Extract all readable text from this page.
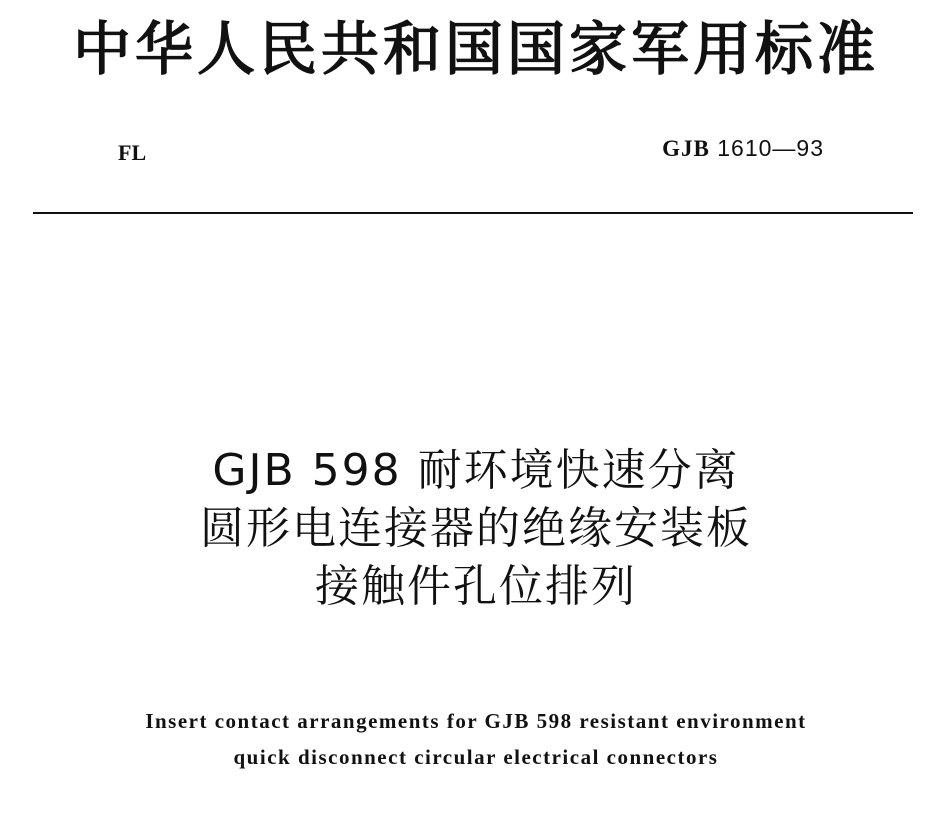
中华人民共和国国家军用标准
FL	GJB 1610—93
GJB 598 耐环境快速分离
圆形电连接器的绝缘安装板
接触件孔位排列
Insert contact arrangements for GJB 598 resistant environment
quick disconnect circular electrical connectors
